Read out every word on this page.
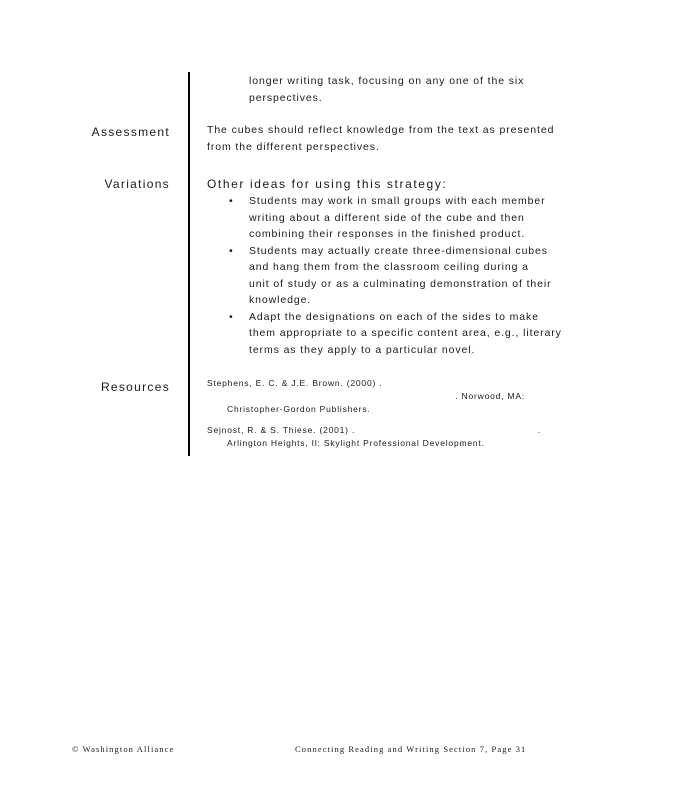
longer writing task, focusing on any one of the six
perspectives.
Assessment	The cubes should reflect knowledge from the text as presented
from the different perspectives.
Variations	Other ideas for using this strategy:
•	Students may work in small groups with each member
writing about a different side of the cube and then
combining their responses in the finished product.
•	Students may actually create three-dimensional cubes
and hang them from the classroom ceiling during a
unit of study or as a culminating demonstration of their
knowledge.
•	Adapt the designations on each of the sides to make
them appropriate to a specific content area, e.g., literary
terms as they apply to a particular novel.
Resources	Stephens, E. C. & J.E. Brown. (2000) .
. Norwood, MA:
Christopher-Gordon Publishers.
Sejnost, R. & S. Thiese. (2001) .	.
Arlington Heights, Il: Skylight Professional Development.
© Washington Alliance	Connecting Reading and Writing Section 7, Page 31
